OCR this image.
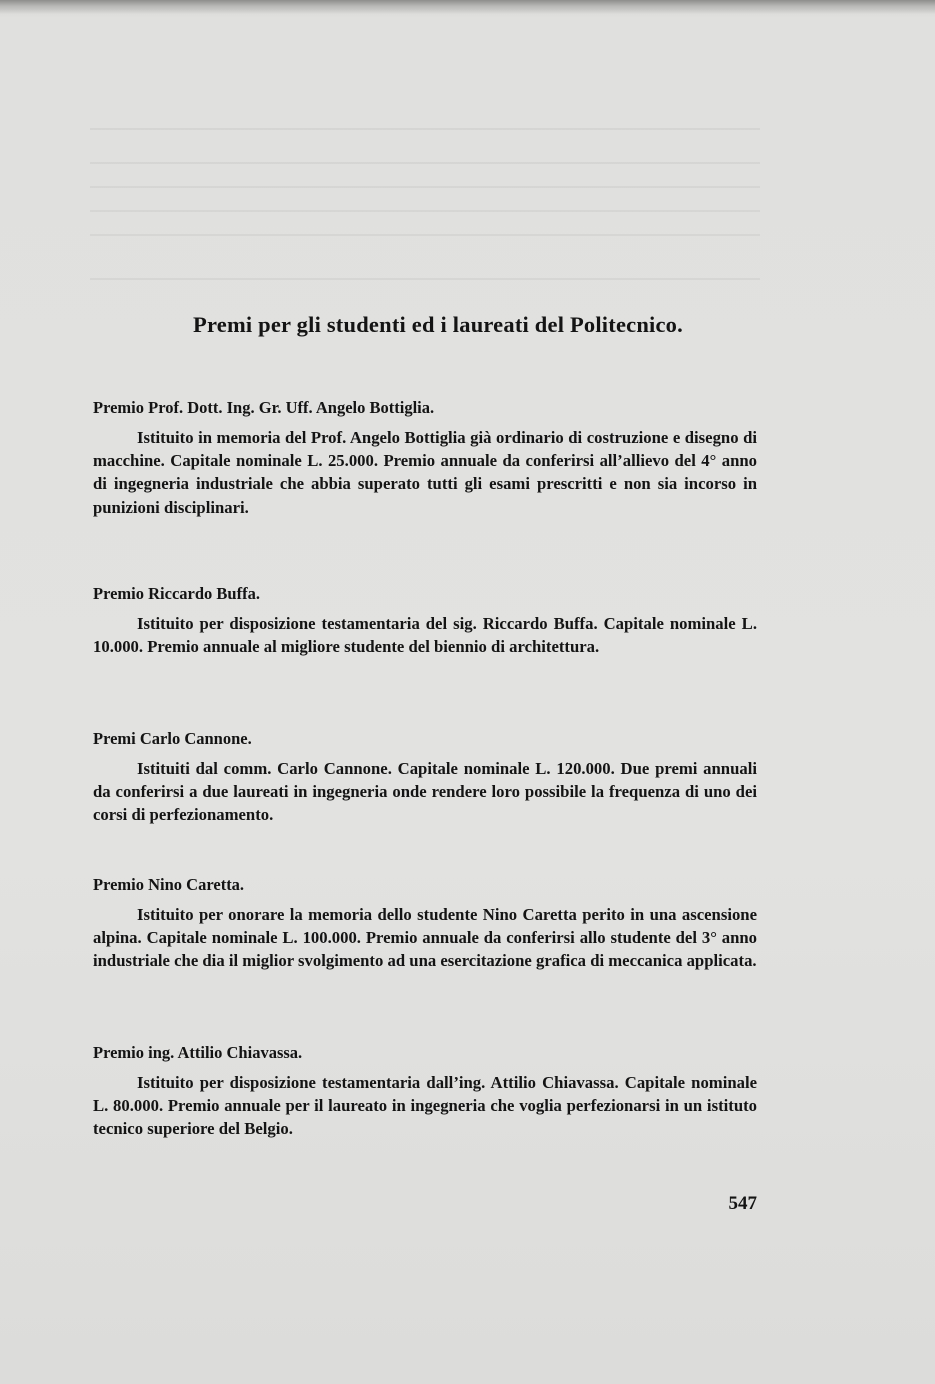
Premi per gli studenti ed i laureati del Politecnico.
Premio Prof. Dott. Ing. Gr. Uff. Angelo Bottiglia.

Istituito in memoria del Prof. Angelo Bottiglia già ordinario di costruzione e disegno di macchine. Capitale nominale L. 25.000. Premio annuale da conferirsi all’allievo del 4° anno di ingegneria industriale che abbia superato tutti gli esami prescritti e non sia incorso in punizioni disciplinari.

Premio Riccardo Buffa.

Istituito per disposizione testamentaria del sig. Riccardo Buffa. Capitale nominale L. 10.000. Premio annuale al migliore studente del biennio di architettura.

Premi Carlo Cannone.

Istituiti dal comm. Carlo Cannone. Capitale nominale L. 120.000. Due premi annuali da conferirsi a due laureati in ingegneria onde rendere loro possibile la frequenza di uno dei corsi di perfezionamento.

Premio Nino Caretta.

Istituito per onorare la memoria dello studente Nino Caretta perito in una ascensione alpina. Capitale nominale L. 100.000. Premio annuale da conferirsi allo studente del 3° anno industriale che dia il miglior svolgimento ad una esercitazione grafica di meccanica applicata.

Premio ing. Attilio Chiavassa.

Istituito per disposizione testamentaria dall’ing. Attilio Chiavassa. Capitale nominale L. 80.000. Premio annuale per il laureato in ingegneria che voglia perfezionarsi in un istituto tecnico superiore del Belgio.

547
